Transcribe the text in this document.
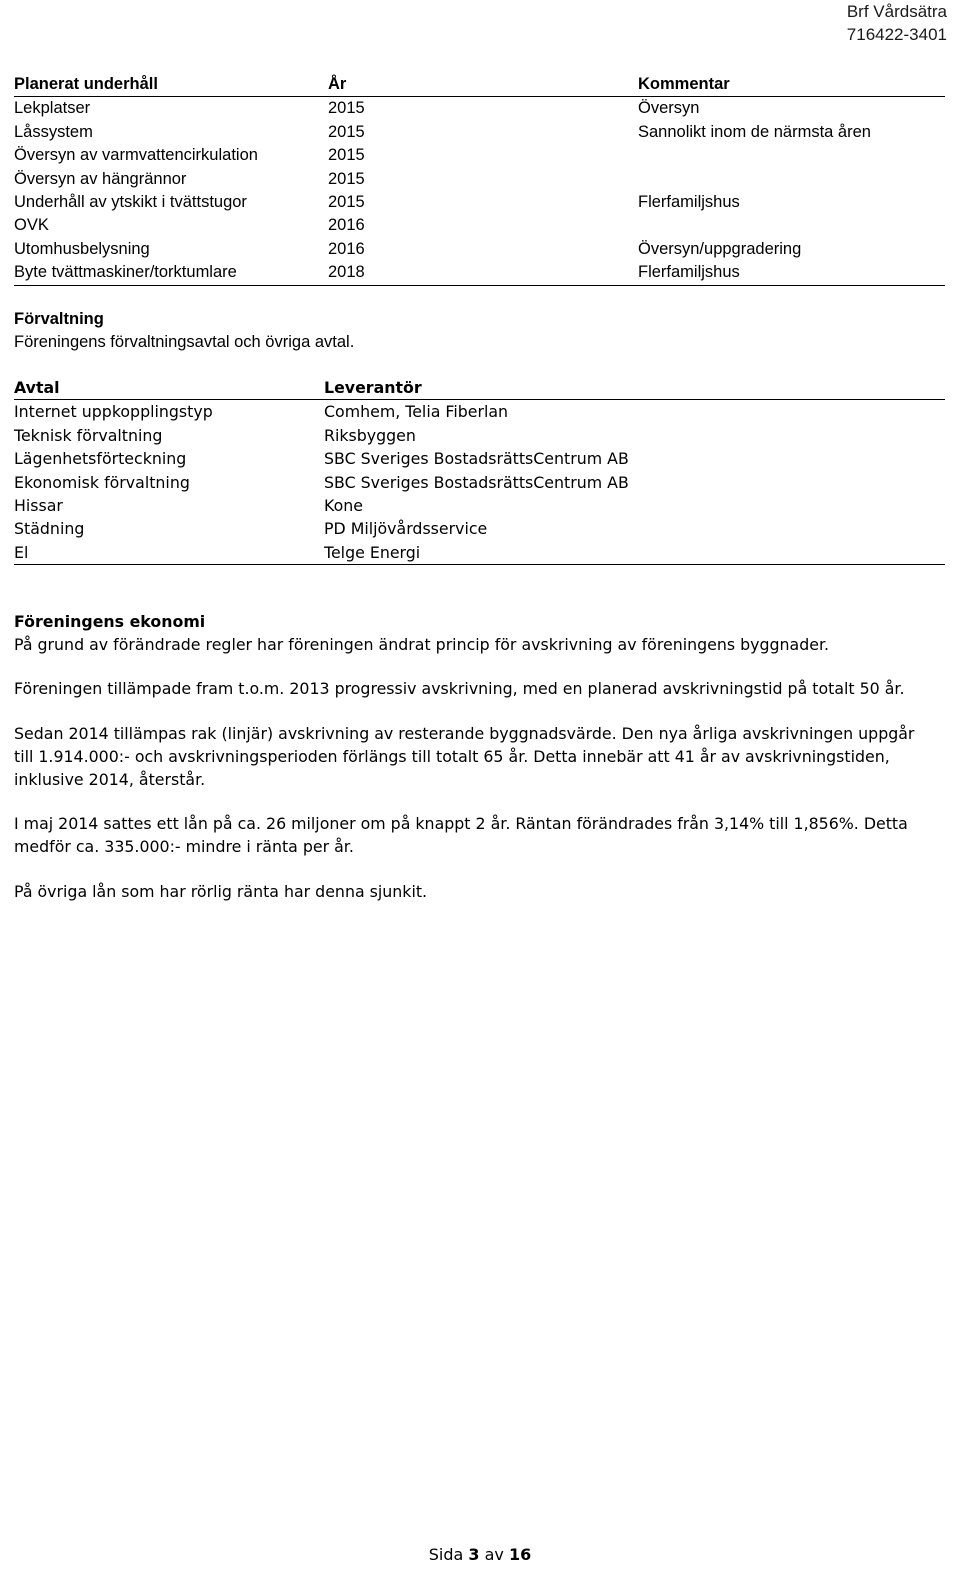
Brf Vårdsätra
716422-3401
Planerat underhåll	År	Kommentar
Lekplatser	2015	Översyn
Låssystem	2015	Sannolikt inom de närmsta åren
Översyn av varmvattencirkulation	2015
Översyn av hängrännor	2015
Underhåll av ytskikt i tvättstugor	2015	Flerfamiljshus
OVK	2016
Utomhusbelysning	2016	Översyn/uppgradering
Byte tvättmaskiner/torktumlare	2018	Flerfamiljshus
Förvaltning
Föreningens förvaltningsavtal och övriga avtal.
Avtal	Leverantör
Internet uppkopplingstyp	Comhem, Telia Fiberlan
Teknisk förvaltning	Riksbyggen
Lägenhetsförteckning	SBC Sveriges BostadsrättsCentrum AB
Ekonomisk förvaltning	SBC Sveriges BostadsrättsCentrum AB
Hissar	Kone
Städning	PD Miljövårdsservice
El	Telge Energi

Föreningens ekonomi

På grund av förändrade regler har föreningen ändrat princip för avskrivning av föreningens byggnader.

Föreningen tillämpade fram t.o.m. 2013 progressiv avskrivning, med en planerad avskrivningstid på totalt 50 år.

Sedan 2014 tillämpas rak (linjär) avskrivning av resterande byggnadsvärde. Den nya årliga avskrivningen uppgår till 1.914.000:- och avskrivningsperioden förlängs till totalt 65 år. Detta innebär att 41 år av avskrivningstiden, inklusive 2014, återstår.

I maj 2014 sattes ett lån på ca. 26 miljoner om på knappt 2 år. Räntan förändrades från 3,14% till 1,856%. Detta medför ca. 335.000:- mindre i ränta per år.

På övriga lån som har rörlig ränta har denna sjunkit.

Sida 3 av 16
